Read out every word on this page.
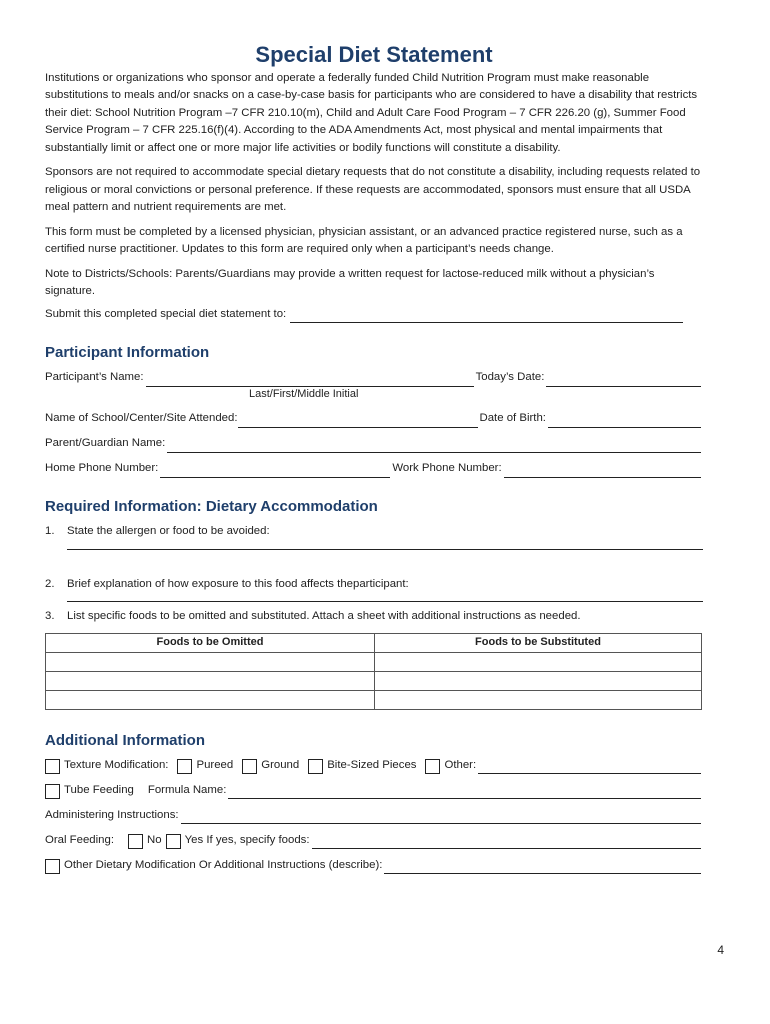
Special Diet Statement

Institutions or organizations who sponsor and operate a federally funded Child Nutrition Program must make reasonable substitutions to meals and/or snacks on a case-by-case basis for participants who are considered to have a disability that restricts their diet: School Nutrition Program –7 CFR 210.10(m), Child and Adult Care Food Program – 7 CFR 226.20 (g), Summer Food Service Program – 7 CFR 225.16(f)(4). According to the ADA Amendments Act, most physical and mental impairments that substantially limit or affect one or more major life activities or bodily functions will constitute a disability.

Sponsors are not required to accommodate special dietary requests that do not constitute a disability, including requests related to religious or moral convictions or personal preference. If these requests are accommodated, sponsors must ensure that all USDA meal pattern and nutrient requirements are met.

This form must be completed by a licensed physician, physician assistant, or an advanced practice registered nurse, such as a certified nurse practitioner. Updates to this form are required only when a participant’s needs change.

Note to Districts/Schools: Parents/Guardians may provide a written request for lactose-reduced milk without a physician’s signature.

Submit this completed special diet statement to:
Participant Information
Participant’s Name:	Today’s Date:
Last/First/Middle Initial
Name of School/Center/Site Attended:	Date of Birth:
Parent/Guardian Name:
Home Phone Number:	Work Phone Number:
Required Information: Dietary Accommodation
1.	State the allergen or food to be avoided:
2.	Brief explanation of how exposure to this food affects theparticipant:
3.	List specific foods to be omitted and substituted. Attach a sheet with additional instructions as needed.
Foods to be Omitted	Foods to be Substituted

Additional Information
Texture Modification: Pureed Ground Bite-Sized Pieces Other:
Tube Feeding Formula Name:
Administering Instructions:
Oral Feeding:	No Yes If yes, specify foods:
Other Dietary Modification Or Additional Instructions (describe):
4
